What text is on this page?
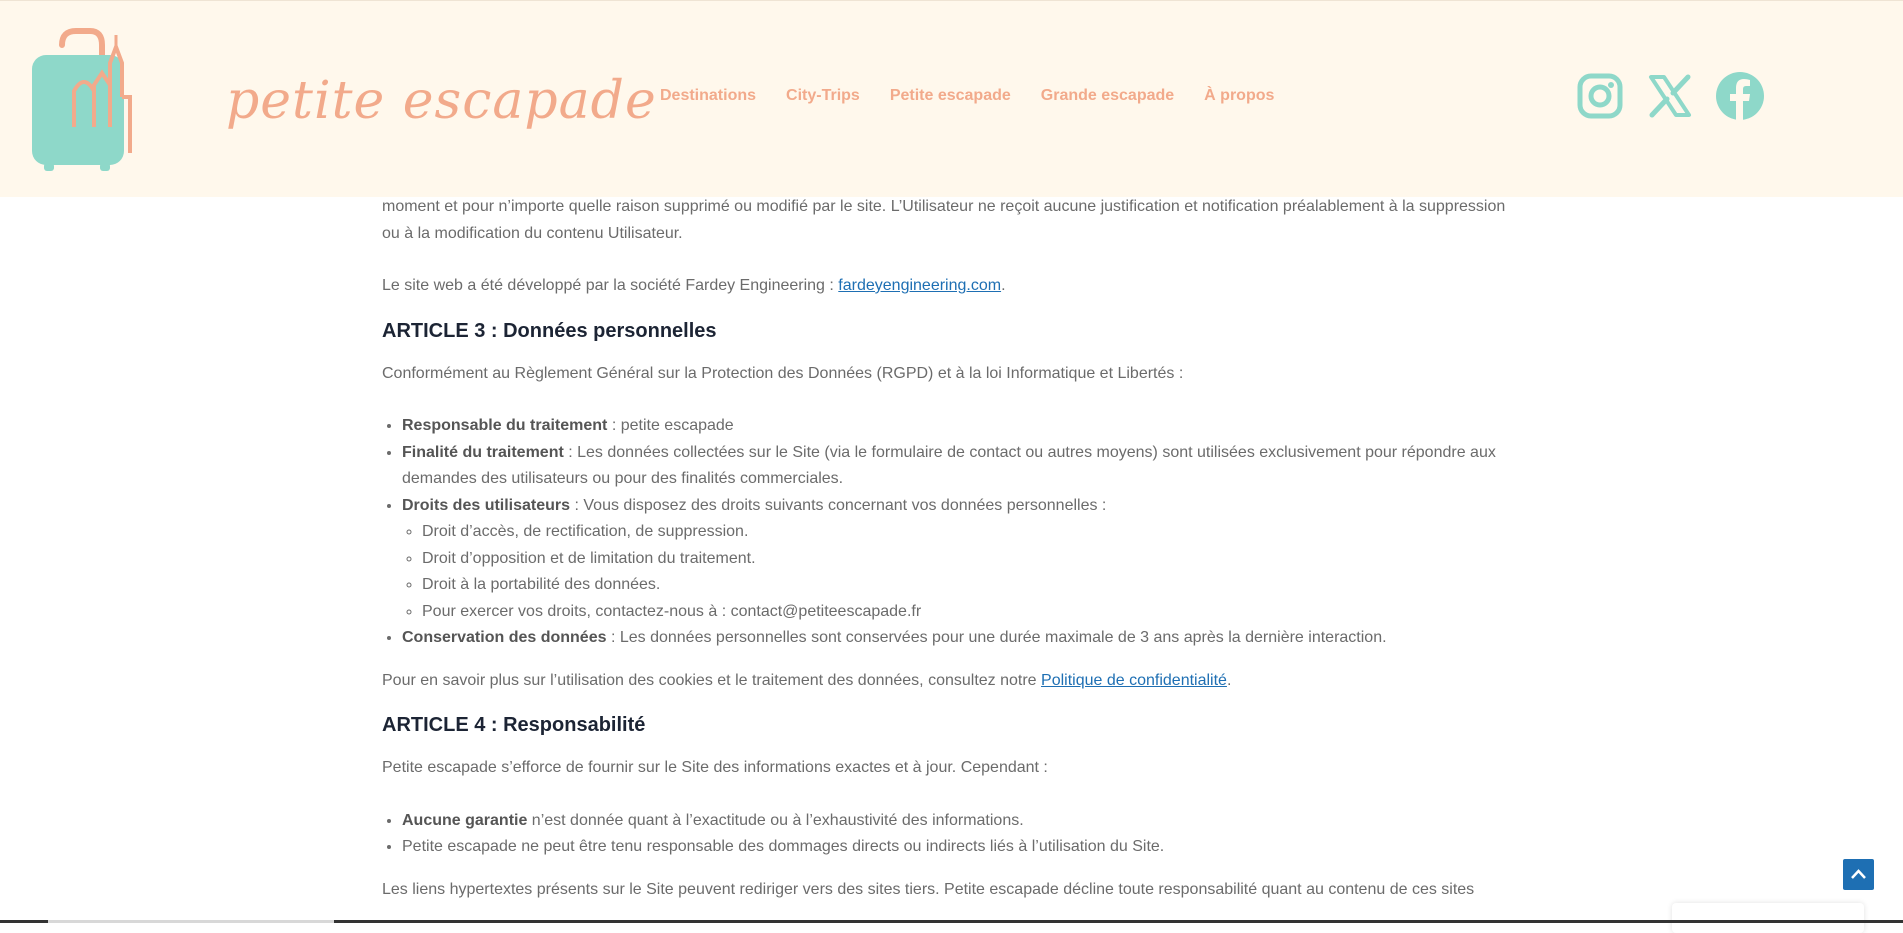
petite escapade Destinations City-Trips Petite escapade Grande escapade À propos

moment et pour n’importe quelle raison supprimé ou modifié par le site. L’Utilisateur ne reçoit aucune justification et notification préalablement à la suppression ou à la modification du contenu Utilisateur.

Le site web a été développé par la société Fardey Engineering : fardeyengineering.com.

ARTICLE 3 : Données personnelles

Conformément au Règlement Général sur la Protection des Données (RGPD) et à la loi Informatique et Libertés :

• Responsable du traitement : petite escapade
• Finalité du traitement : Les données collectées sur le Site (via le formulaire de contact ou autres moyens) sont utilisées exclusivement pour répondre aux demandes des utilisateurs ou pour des finalités commerciales.
• Droits des utilisateurs : Vous disposez des droits suivants concernant vos données personnelles :
◦ Droit d’accès, de rectification, de suppression.
◦ Droit d’opposition et de limitation du traitement.
◦ Droit à la portabilité des données.
◦ Pour exercer vos droits, contactez-nous à : contact@petiteescapade.fr
• Conservation des données : Les données personnelles sont conservées pour une durée maximale de 3 ans après la dernière interaction.

Pour en savoir plus sur l’utilisation des cookies et le traitement des données, consultez notre Politique de confidentialité.

ARTICLE 4 : Responsabilité

Petite escapade s’efforce de fournir sur le Site des informations exactes et à jour. Cependant :

• Aucune garantie n’est donnée quant à l’exactitude ou à l’exhaustivité des informations.
• Petite escapade ne peut être tenu responsable des dommages directs ou indirects liés à l’utilisation du Site.

Les liens hypertextes présents sur le Site peuvent rediriger vers des sites tiers. Petite escapade décline toute responsabilité quant au contenu de ces sites
